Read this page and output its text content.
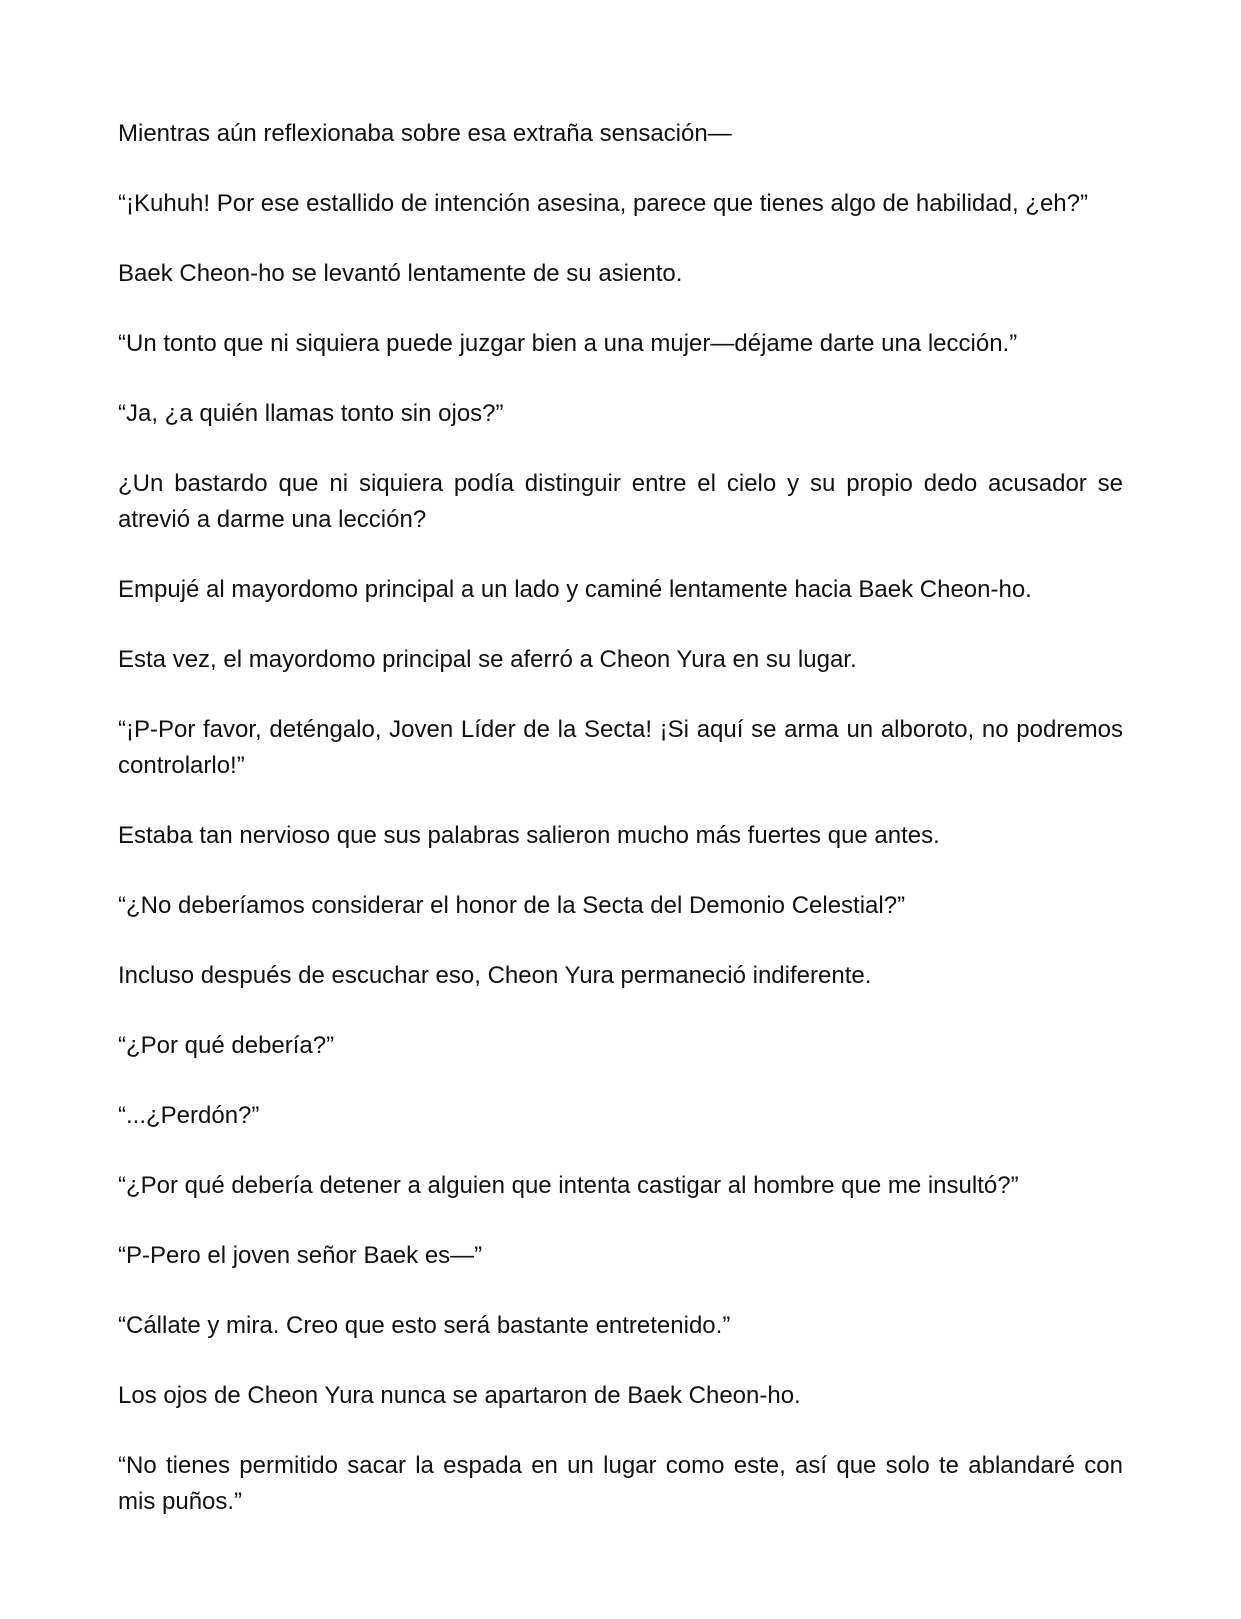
Mientras aún reflexionaba sobre esa extraña sensación—

“¡Kuhuh! Por ese estallido de intención asesina, parece que tienes algo de habilidad, ¿eh?”

Baek Cheon-ho se levantó lentamente de su asiento.

“Un tonto que ni siquiera puede juzgar bien a una mujer—déjame darte una lección.”

“Ja, ¿a quién llamas tonto sin ojos?”

¿Un bastardo que ni siquiera podía distinguir entre el cielo y su propio dedo acusador se atrevió a darme una lección?

Empujé al mayordomo principal a un lado y caminé lentamente hacia Baek Cheon-ho.

Esta vez, el mayordomo principal se aferró a Cheon Yura en su lugar.

“¡P-Por favor, deténgalo, Joven Líder de la Secta! ¡Si aquí se arma un alboroto, no podremos controlarlo!”

Estaba tan nervioso que sus palabras salieron mucho más fuertes que antes.

“¿No deberíamos considerar el honor de la Secta del Demonio Celestial?”

Incluso después de escuchar eso, Cheon Yura permaneció indiferente.

“¿Por qué debería?”

“...¿Perdón?”

“¿Por qué debería detener a alguien que intenta castigar al hombre que me insultó?”

“P-Pero el joven señor Baek es—”

“Cállate y mira. Creo que esto será bastante entretenido.”

Los ojos de Cheon Yura nunca se apartaron de Baek Cheon-ho.

“No tienes permitido sacar la espada en un lugar como este, así que solo te ablandaré con mis puños.”
